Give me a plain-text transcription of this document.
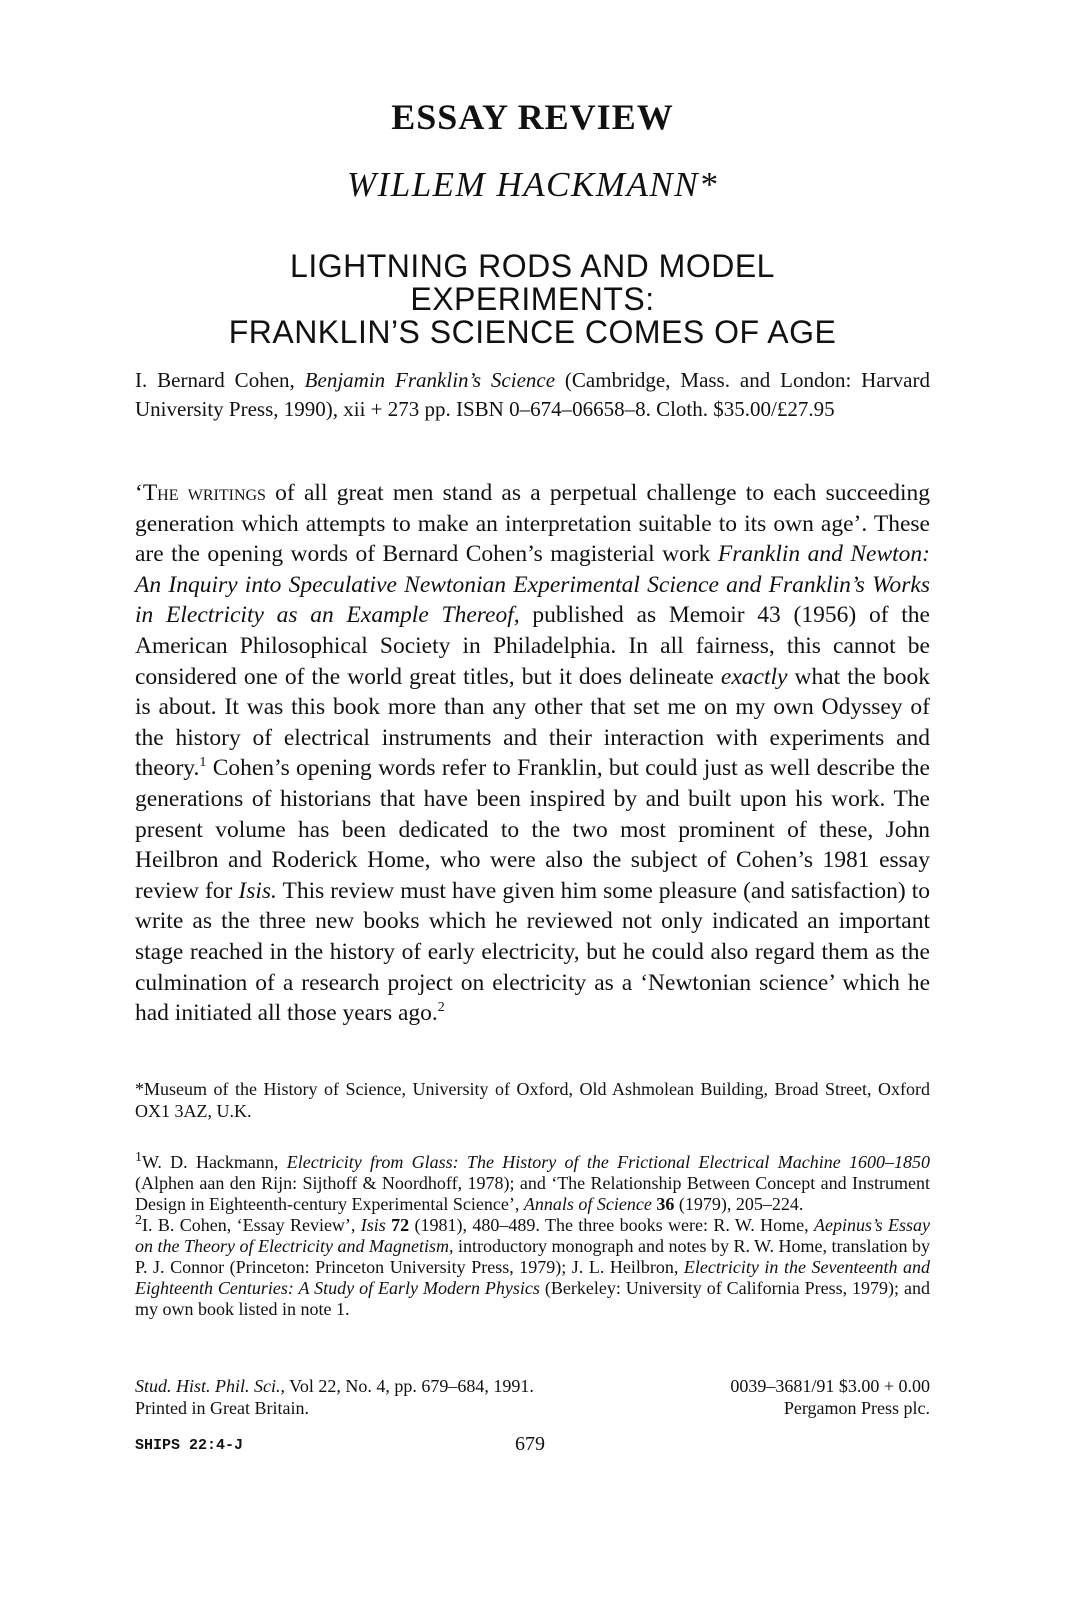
ESSAY REVIEW
WILLEM HACKMANN*
LIGHTNING RODS AND MODEL
EXPERIMENTS:
FRANKLIN’S SCIENCE COMES OF AGE
I. Bernard Cohen, Benjamin Franklin’s Science (Cambridge, Mass. and London: Harvard University Press, 1990), xii + 273 pp. ISBN 0–674–06658–8. Cloth. $35.00/£27.95
‘The writings of all great men stand as a perpetual challenge to each succeeding generation which attempts to make an interpretation suitable to its own age’. These are the opening words of Bernard Cohen’s magisterial work Franklin and Newton: An Inquiry into Speculative Newtonian Experimental Science and Franklin’s Works in Electricity as an Example Thereof, published as Memoir 43 (1956) of the American Philosophical Society in Philadelphia. In all fairness, this cannot be considered one of the world great titles, but it does delineate exactly what the book is about. It was this book more than any other that set me on my own Odyssey of the history of electrical instruments and their interaction with experiments and theory.$^1$ Cohen’s opening words refer to Franklin, but could just as well describe the generations of historians that have been inspired by and built upon his work. The present volume has been dedicated to the two most prominent of these, John Heilbron and Roderick Home, who were also the subject of Cohen’s 1981 essay review for Isis. This review must have given him some pleasure (and satisfaction) to write as the three new books which he reviewed not only indicated an important stage reached in the history of early electricity, but he could also regard them as the culmination of a research project on electricity as a ‘Newtonian science’ which he had initiated all those years ago.$^2$
*Museum of the History of Science, University of Oxford, Old Ashmolean Building, Broad Street, Oxford OX1 3AZ, U.K.

$^1$W. D. Hackmann, Electricity from Glass: The History of the Frictional Electrical Machine 1600–1850 (Alphen aan den Rijn: Sijthoff & Noordhoff, 1978); and ‘The Relationship Between Concept and Instrument Design in Eighteenth-century Experimental Science’, Annals of Science 36 (1979), 205–224.

$^2$I. B. Cohen, ‘Essay Review’, Isis 72 (1981), 480–489. The three books were: R. W. Home, Aepinus’s Essay on the Theory of Electricity and Magnetism, introductory monograph and notes by R. W. Home, translation by P. J. Connor (Princeton: Princeton University Press, 1979); J. L. Heilbron, Electricity in the Seventeenth and Eighteenth Centuries: A Study of Early Modern Physics (Berkeley: University of California Press, 1979); and my own book listed in note 1.

Stud. Hist. Phil. Sci., Vol 22, No. 4, pp. 679–684, 1991.
Printed in Great Britain.
0039–3681/91 $3.00 + 0.00
Pergamon Press plc.
SHIPS 22:4-J	679
